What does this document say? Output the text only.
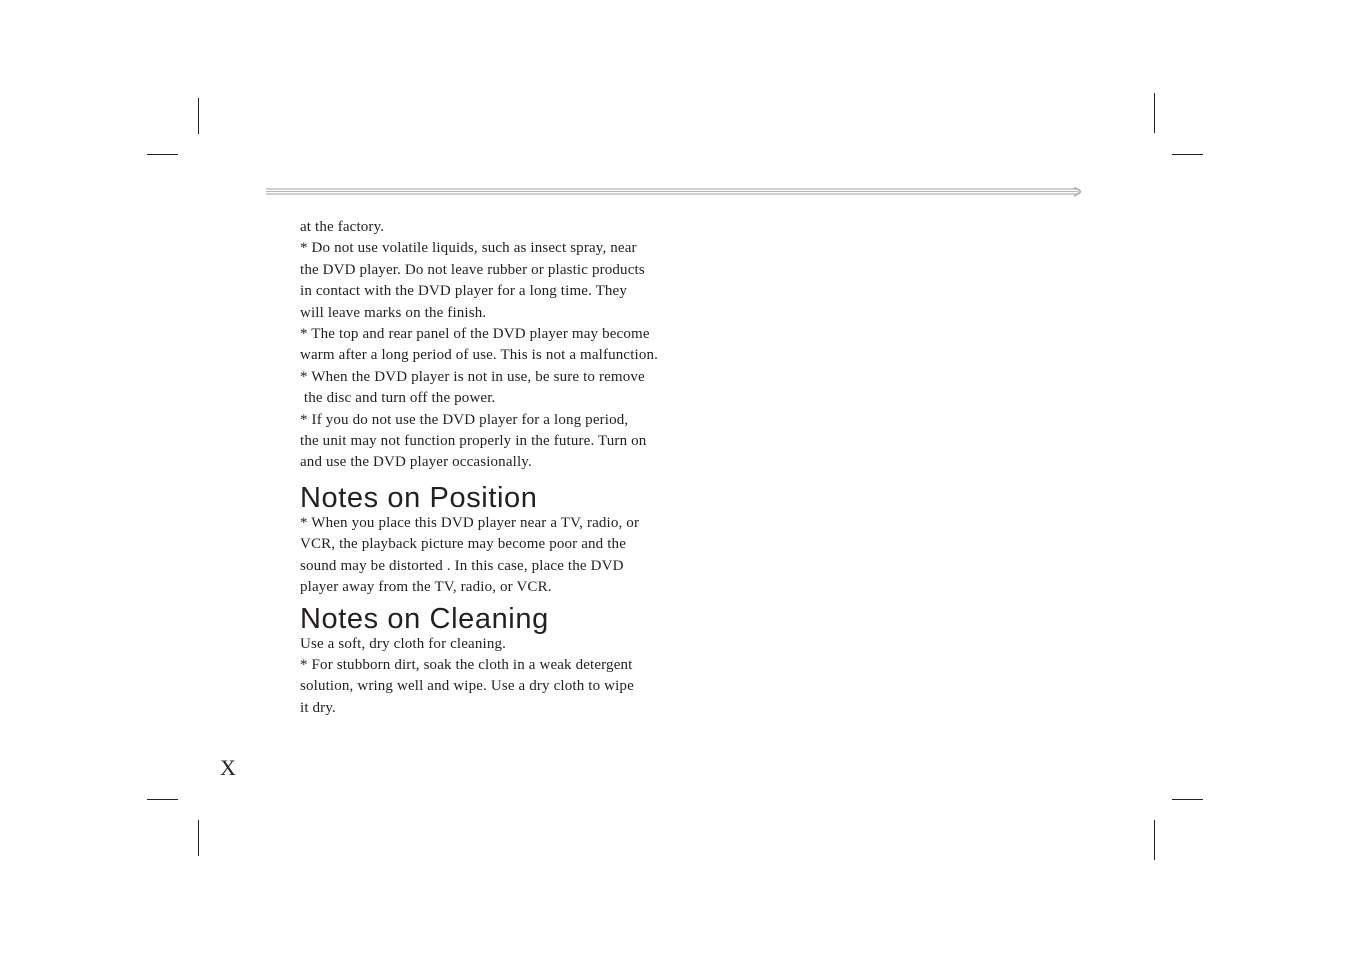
at the factory.
* Do not use volatile liquids, such as insect spray, near
the DVD player. Do not leave rubber or plastic products
in contact with the DVD player for a long time. They
will leave marks on the finish.
* The top and rear panel of the DVD player may become
warm after a long period of use. This is not a malfunction.
* When the DVD player is not in use, be sure to remove
the disc and turn off the power.
* If you do not use the DVD player for a long period,
the unit may not function properly in the future. Turn on
and use the DVD player occasionally.
Notes on Position
* When you place this DVD player near a TV, radio, or
VCR, the playback picture may become poor and the
sound may be distorted . In this case, place the DVD
player away from the TV, radio, or VCR.
Notes on Cleaning
Use a soft, dry cloth for cleaning.
* For stubborn dirt, soak the cloth in a weak detergent
solution, wring well and wipe. Use a dry cloth to wipe
it dry.
X
